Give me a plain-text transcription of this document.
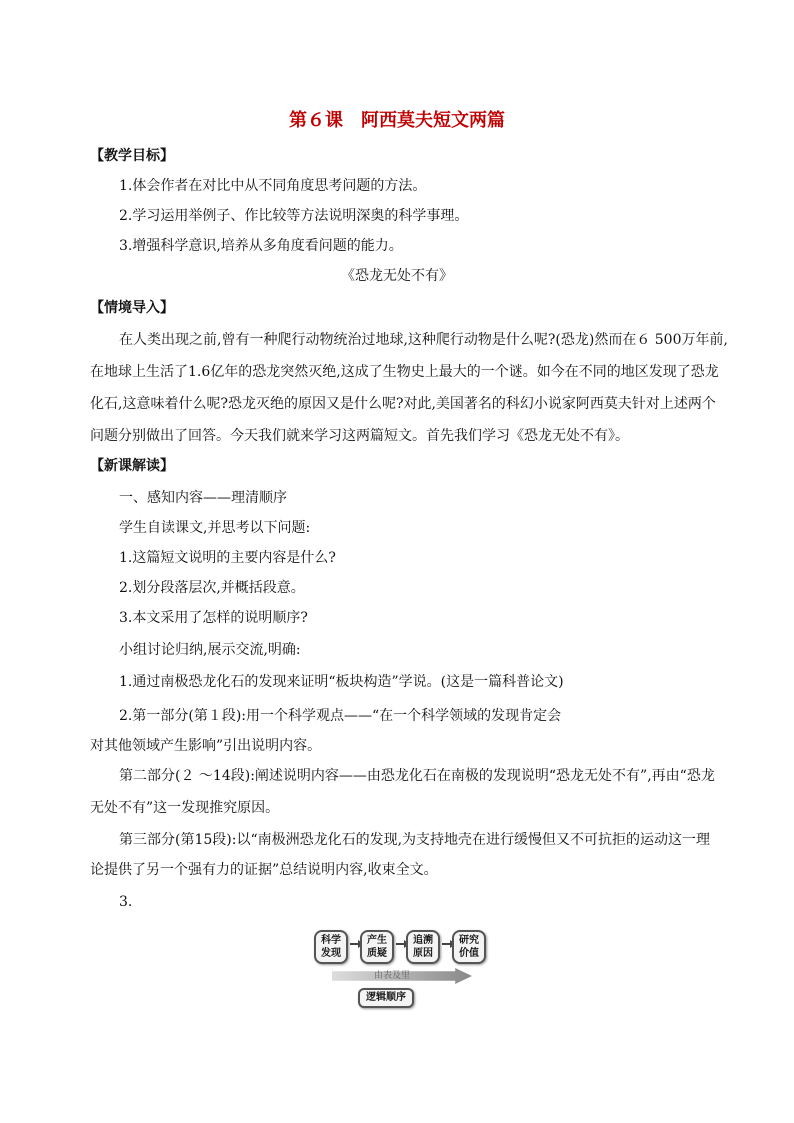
第６课　阿西莫夫短文两篇
【教学目标】
1.体会作者在对比中从不同角度思考问题的方法。
2.学习运用举例子、作比较等方法说明深奥的科学事理。
3.增强科学意识,培养从多角度看问题的能力。
《恐龙无处不有》
【情境导入】
在人类出现之前,曾有一种爬行动物统治过地球,这种爬行动物是什么呢?(恐龙)然而在６ 500万年前,
在地球上生活了1.6亿年的恐龙突然灭绝,这成了生物史上最大的一个谜。如今在不同的地区发现了恐龙
化石,这意味着什么呢?恐龙灭绝的原因又是什么呢?对此,美国著名的科幻小说家阿西莫夫针对上述两个
问题分别做出了回答。今天我们就来学习这两篇短文。首先我们学习《恐龙无处不有》。
【新课解读】
一、感知内容——理清顺序
学生自读课文,并思考以下问题:
1.这篇短文说明的主要内容是什么?
2.划分段落层次,并概括段意。
3.本文采用了怎样的说明顺序?
小组讨论归纳,展示交流,明确:
1.通过南极恐龙化石的发现来证明“板块构造”学说。(这是一篇科普论文)
2.第一部分(第１段):用一个科学观点——“在一个科学领域的发现肯定会
对其他领域产生影响”引出说明内容。
第二部分(２ ～14段):阐述说明内容——由恐龙化石在南极的发现说明“恐龙无处不有”,再由“恐龙
无处不有”这一发现推究原因。
第三部分(第15段):以“南极洲恐龙化石的发现,为支持地壳在进行缓慢但又不可抗拒的运动这一理
论提供了另一个强有力的证据”总结说明内容,收束全文。
3.
科学发现
产生质疑
追溯原因
研究价值
由表及里
逻辑顺序
